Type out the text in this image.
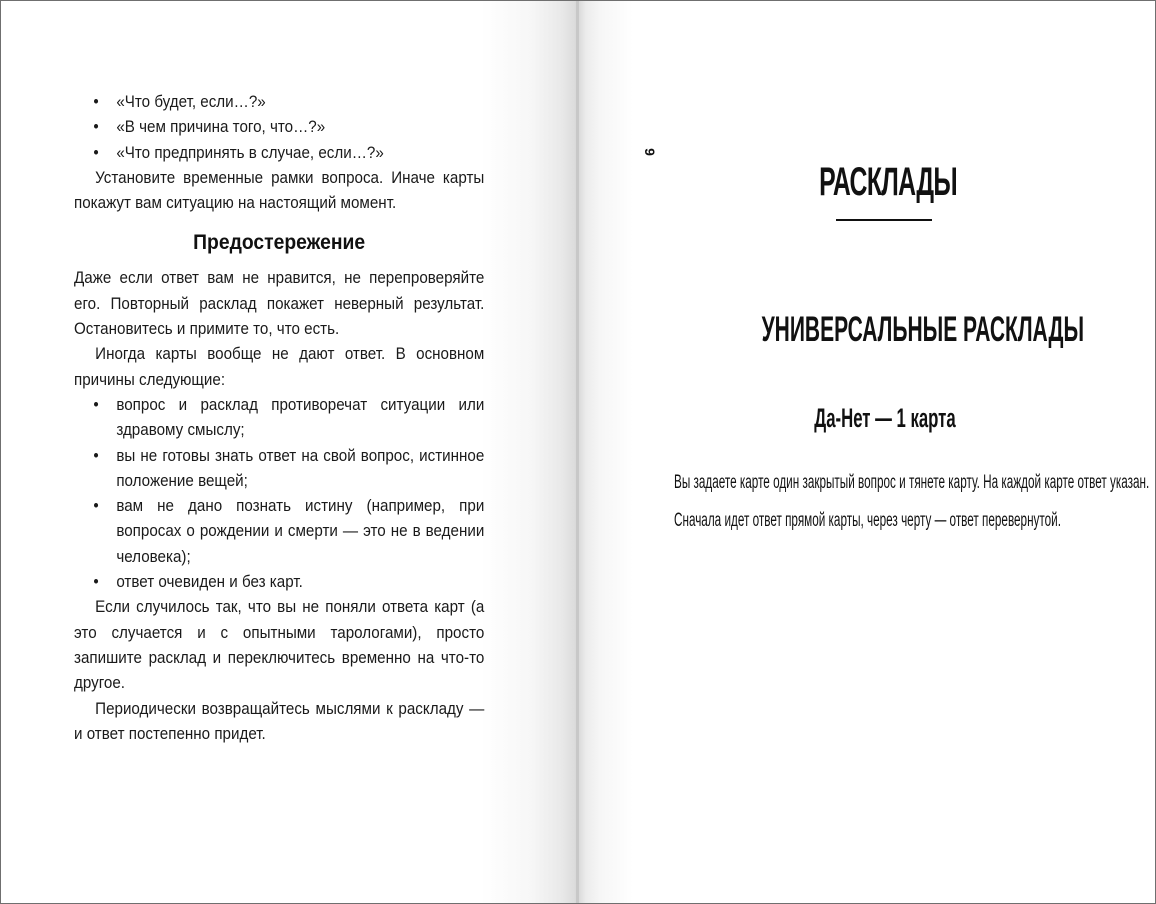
• «Что будет, если…?»
• «В чем причина того, что…?»
• «Что предпринять в случае, если…?»

Установите временные рамки вопроса. Иначе карты покажут вам ситуацию на настоящий момент.

Предостережение

Даже если ответ вам не нравится, не перепроверяйте его. Повторный расклад покажет неверный результат. Остановитесь и примите то, что есть.

Иногда карты вообще не дают ответ. В основном причины следующие:

• вопрос и расклад противоречат ситуации или здравому смыслу;
• вы не готовы знать ответ на свой вопрос, истинное положение вещей;
• вам не дано познать истину (например, при вопросах о рождении и смерти — это не в ведении человека);
• ответ очевиден и без карт.

Если случилось так, что вы не поняли ответа карт (а это случается и с опытными тарологами), просто запишите расклад и переключитесь временно на что-то другое.

Периодически возвращайтесь мыслями к раскладу — и ответ постепенно придет.

9
РАСКЛАДЫ
УНИВЕРСАЛЬНЫЕ РАСКЛАДЫ
Да-Нет — 1 карта

Вы задаете карте один закрытый вопрос и тянете карту. На каждой карте ответ указан.

Сначала идет ответ прямой карты, через черту — ответ перевернутой.
